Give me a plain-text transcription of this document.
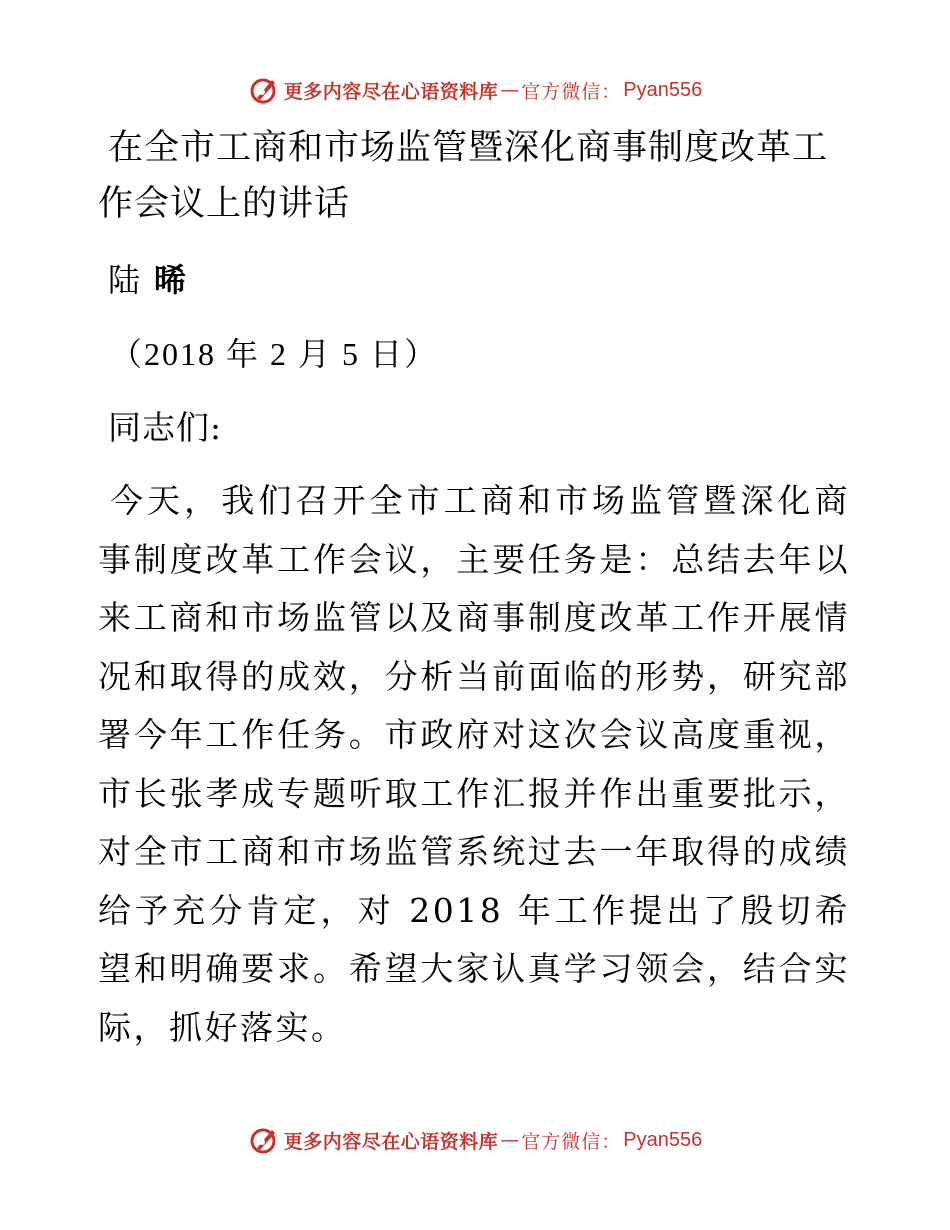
更多内容尽在心语资料库 — 官方微信： Pyan556
在全市工商和市场监管暨深化商事制度改革工作会议上的讲话
陆 晞
（2018 年 2 月 5 日）
同志们:
今天，我们召开全市工商和市场监管暨深化商事制度改革工作会议，主要任务是：总结去年以来工商和市场监管以及商事制度改革工作开展情况和取得的成效，分析当前面临的形势，研究部署今年工作任务。市政府对这次会议高度重视，市长张孝成专题听取工作汇报并作出重要批示，对全市工商和市场监管系统过去一年取得的成绩给予充分肯定，对 2018 年工作提出了殷切希望和明确要求。希望大家认真学习领会，结合实际，抓好落实。
更多内容尽在心语资料库 — 官方微信： Pyan556
